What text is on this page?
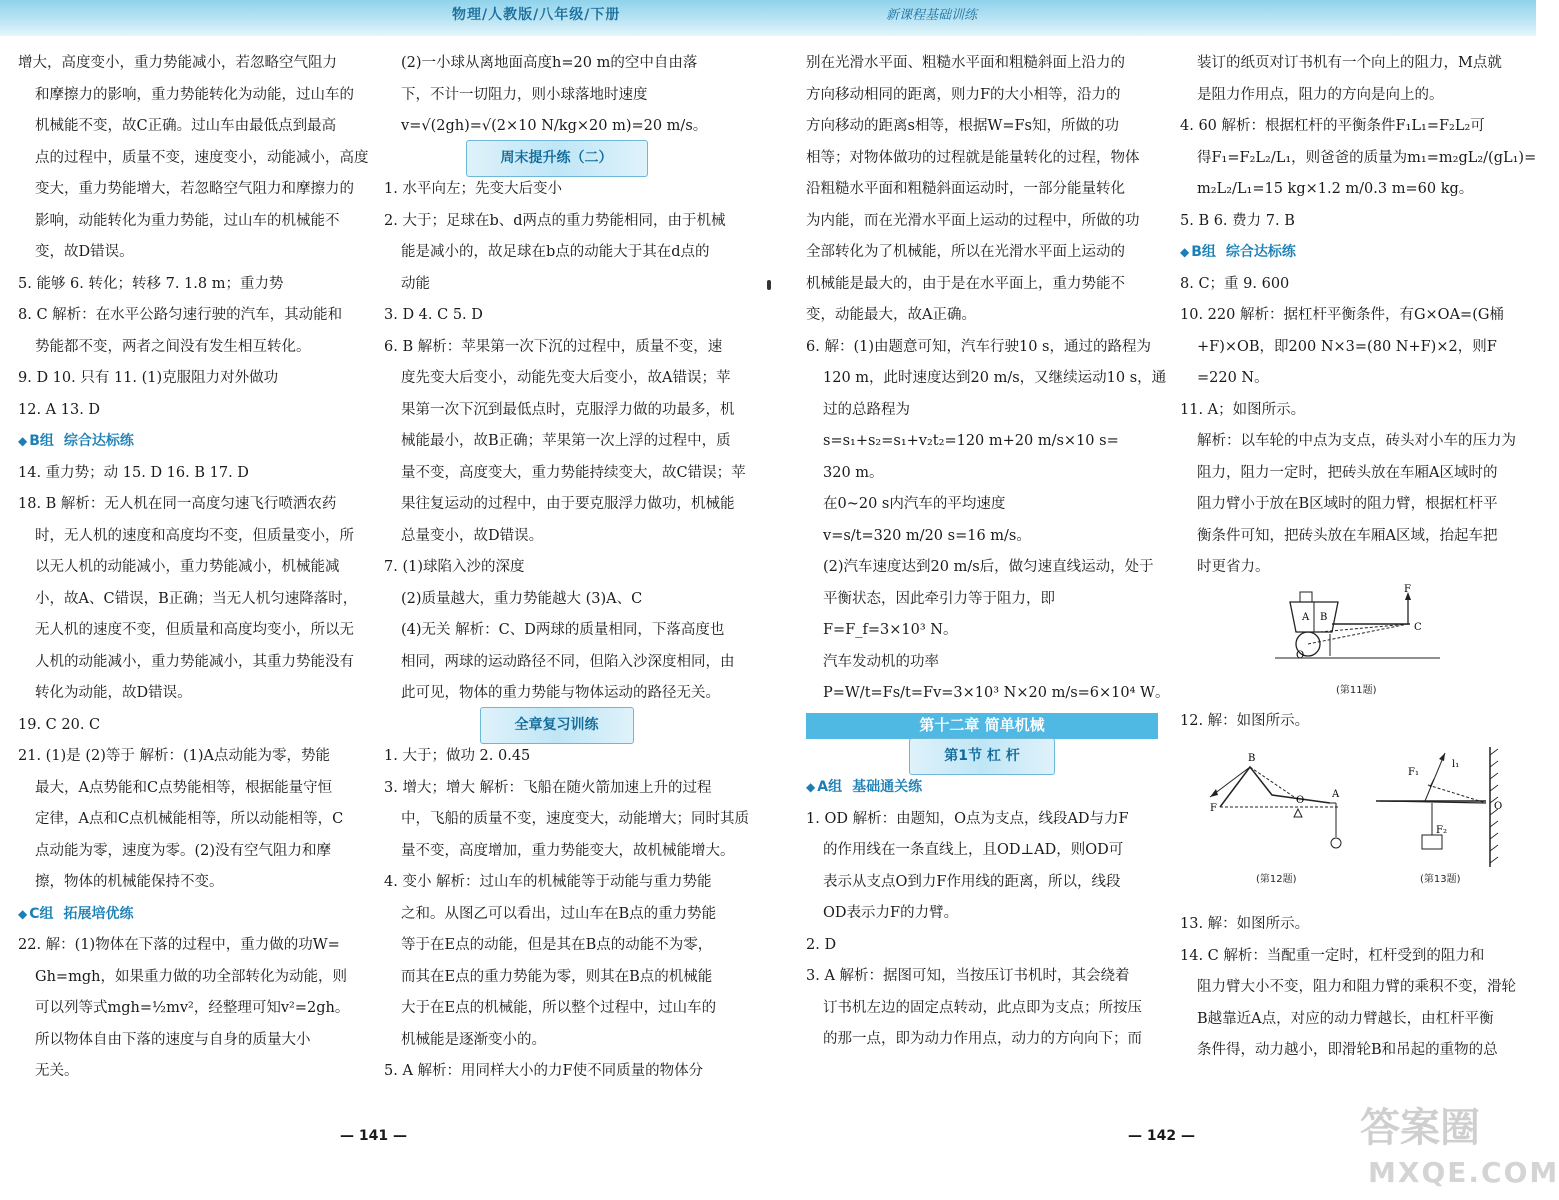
物理/人教版/八年级/下册	新课程基础训练

增大，高度变小，重力势能减小，若忽略空气阻力

和摩擦力的影响，重力势能转化为动能，过山车的

机械能不变，故C正确。过山车由最低点到最高

点的过程中，质量不变，速度变小，动能减小，高度

变大，重力势能增大，若忽略空气阻力和摩擦力的

影响，动能转化为重力势能，过山车的机械能不

变，故D错误。

5. 能够 6. 转化；转移 7. 1.8 m；重力势

8. C 解析：在水平公路匀速行驶的汽车，其动能和

势能都不变，两者之间没有发生相互转化。

9. D 10. 只有 11. (1)克服阻力对外做功

12. A 13. D

◆ B组 综合达标练

14. 重力势；动 15. D 16. B 17. D

18. B 解析：无人机在同一高度匀速飞行喷洒农药

时，无人机的速度和高度均不变，但质量变小，所

以无人机的动能减小，重力势能减小，机械能减

小，故A、C错误，B正确；当无人机匀速降落时，

无人机的速度不变，但质量和高度均变小，所以无

人机的动能减小，重力势能减小，其重力势能没有

转化为动能，故D错误。

19. C 20. C

21. (1)是 (2)等于 解析：(1)A点动能为零，势能

最大，A点势能和C点势能相等，根据能量守恒

定律，A点和C点机械能相等，所以动能相等，C

点动能为零，速度为零。(2)没有空气阻力和摩

擦，物体的机械能保持不变。

◆ C组 拓展培优练

22. 解：(1)物体在下落的过程中，重力做的功W=

Gh=mgh，如果重力做的功全部转化为动能，则

可以列等式mgh=½mv²，经整理可知v²=2gh。

所以物体自由下落的速度与自身的质量大小

无关。

(2)一小球从离地面高度h=20 m的空中自由落

下，不计一切阻力，则小球落地时速度

v=√(2gh)=√(2×10 N/kg×20 m)=20 m/s。

周末提升练（二）

1. 水平向左；先变大后变小

2. 大于；足球在b、d两点的重力势能相同，由于机械

能是减小的，故足球在b点的动能大于其在d点的

动能

3. D 4. C 5. D

6. B 解析：苹果第一次下沉的过程中，质量不变，速

度先变大后变小，动能先变大后变小，故A错误；苹

果第一次下沉到最低点时，克服浮力做的功最多，机

械能最小，故B正确；苹果第一次上浮的过程中，质

量不变，高度变大，重力势能持续变大，故C错误；苹

果往复运动的过程中，由于要克服浮力做功，机械能

总量变小，故D错误。

7. (1)球陷入沙的深度

(2)质量越大，重力势能越大 (3)A、C

(4)无关 解析：C、D两球的质量相同，下落高度也

相同，两球的运动路径不同，但陷入沙深度相同，由

此可见，物体的重力势能与物体运动的路径无关。

全章复习训练

1. 大于；做功 2. 0.45

3. 增大；增大 解析：飞船在随火箭加速上升的过程

中，飞船的质量不变，速度变大，动能增大；同时其质

量不变，高度增加，重力势能变大，故机械能增大。

4. 变小 解析：过山车的机械能等于动能与重力势能

之和。从图乙可以看出，过山车在B点的重力势能

等于在E点的动能，但是其在B点的动能不为零，

而其在E点的重力势能为零，则其在B点的机械能

大于在E点的机械能，所以整个过程中，过山车的

机械能是逐渐变小的。

5. A 解析：用同样大小的力F使不同质量的物体分

别在光滑水平面、粗糙水平面和粗糙斜面上沿力的

方向移动相同的距离，则力F的大小相等，沿力的

方向移动的距离s相等，根据W=Fs知，所做的功

相等；对物体做功的过程就是能量转化的过程，物体

沿粗糙水平面和粗糙斜面运动时，一部分能量转化

为内能，而在光滑水平面上运动的过程中，所做的功

全部转化为了机械能，所以在光滑水平面上运动的

机械能是最大的，由于是在水平面上，重力势能不

变，动能最大，故A正确。

6. 解：(1)由题意可知，汽车行驶10 s，通过的路程为

120 m，此时速度达到20 m/s，又继续运动10 s，通

过的总路程为

s=s₁+s₂=s₁+v₂t₂=120 m+20 m/s×10 s=

320 m。

在0~20 s内汽车的平均速度

v=s/t=320 m/20 s=16 m/s。

(2)汽车速度达到20 m/s后，做匀速直线运动，处于

平衡状态，因此牵引力等于阻力，即

F=F_f=3×10³ N。

汽车发动机的功率

P=W/t=Fs/t=Fv=3×10³ N×20 m/s=6×10⁴ W。

第十二章 简单机械
第1节 杠 杆

◆ A组 基础通关练

1. OD 解析：由题知，O点为支点，线段AD与力F

的作用线在一条直线上，且OD⊥AD，则OD可

表示从支点O到力F作用线的距离，所以，线段

OD表示力F的力臂。

2. D

3. A 解析：据图可知，当按压订书机时，其会绕着

订书机左边的固定点转动，此点即为支点；所按压

的那一点，即为动力作用点，动力的方向向下；而

装订的纸页对订书机有一个向上的阻力，M点就

是阻力作用点，阻力的方向是向上的。

4. 60 解析：根据杠杆的平衡条件F₁L₁=F₂L₂可

得F₁=F₂L₂/L₁，则爸爸的质量为m₁=m₂gL₂/(gL₁)=

m₂L₂/L₁=15 kg×1.2 m/0.3 m=60 kg。

5. B 6. 费力 7. B

◆ B组 综合达标练

8. C；重 9. 600

10. 220 解析：据杠杆平衡条件，有G×OA=(G桶

+F)×OB，即200 N×3=(80 N+F)×2，则F

=220 N。

11. A；如图所示。

解析：以车轮的中点为支点，砖头对小车的压力为

阻力，阻力一定时，把砖头放在车厢A区域时的

阻力臂小于放在B区域时的阻力臂，根据杠杆平

衡条件可知，把砖头放在车厢A区域，抬起车把

时更省力。

A B
F
C
O
(第11题)

12. 解：如图所示。

B
F
O
A
F₁
l₁
O
F₂
(第12题)	(第13题)

13. 解：如图所示。

14. C 解析：当配重一定时，杠杆受到的阻力和

阻力臂大小不变，阻力和阻力臂的乘积不变，滑轮

B越靠近A点，对应的动力臂越长，由杠杆平衡

条件得，动力越小，即滑轮B和吊起的重物的总

— 141 —	— 142 —	答案圈
MXQE.COM
